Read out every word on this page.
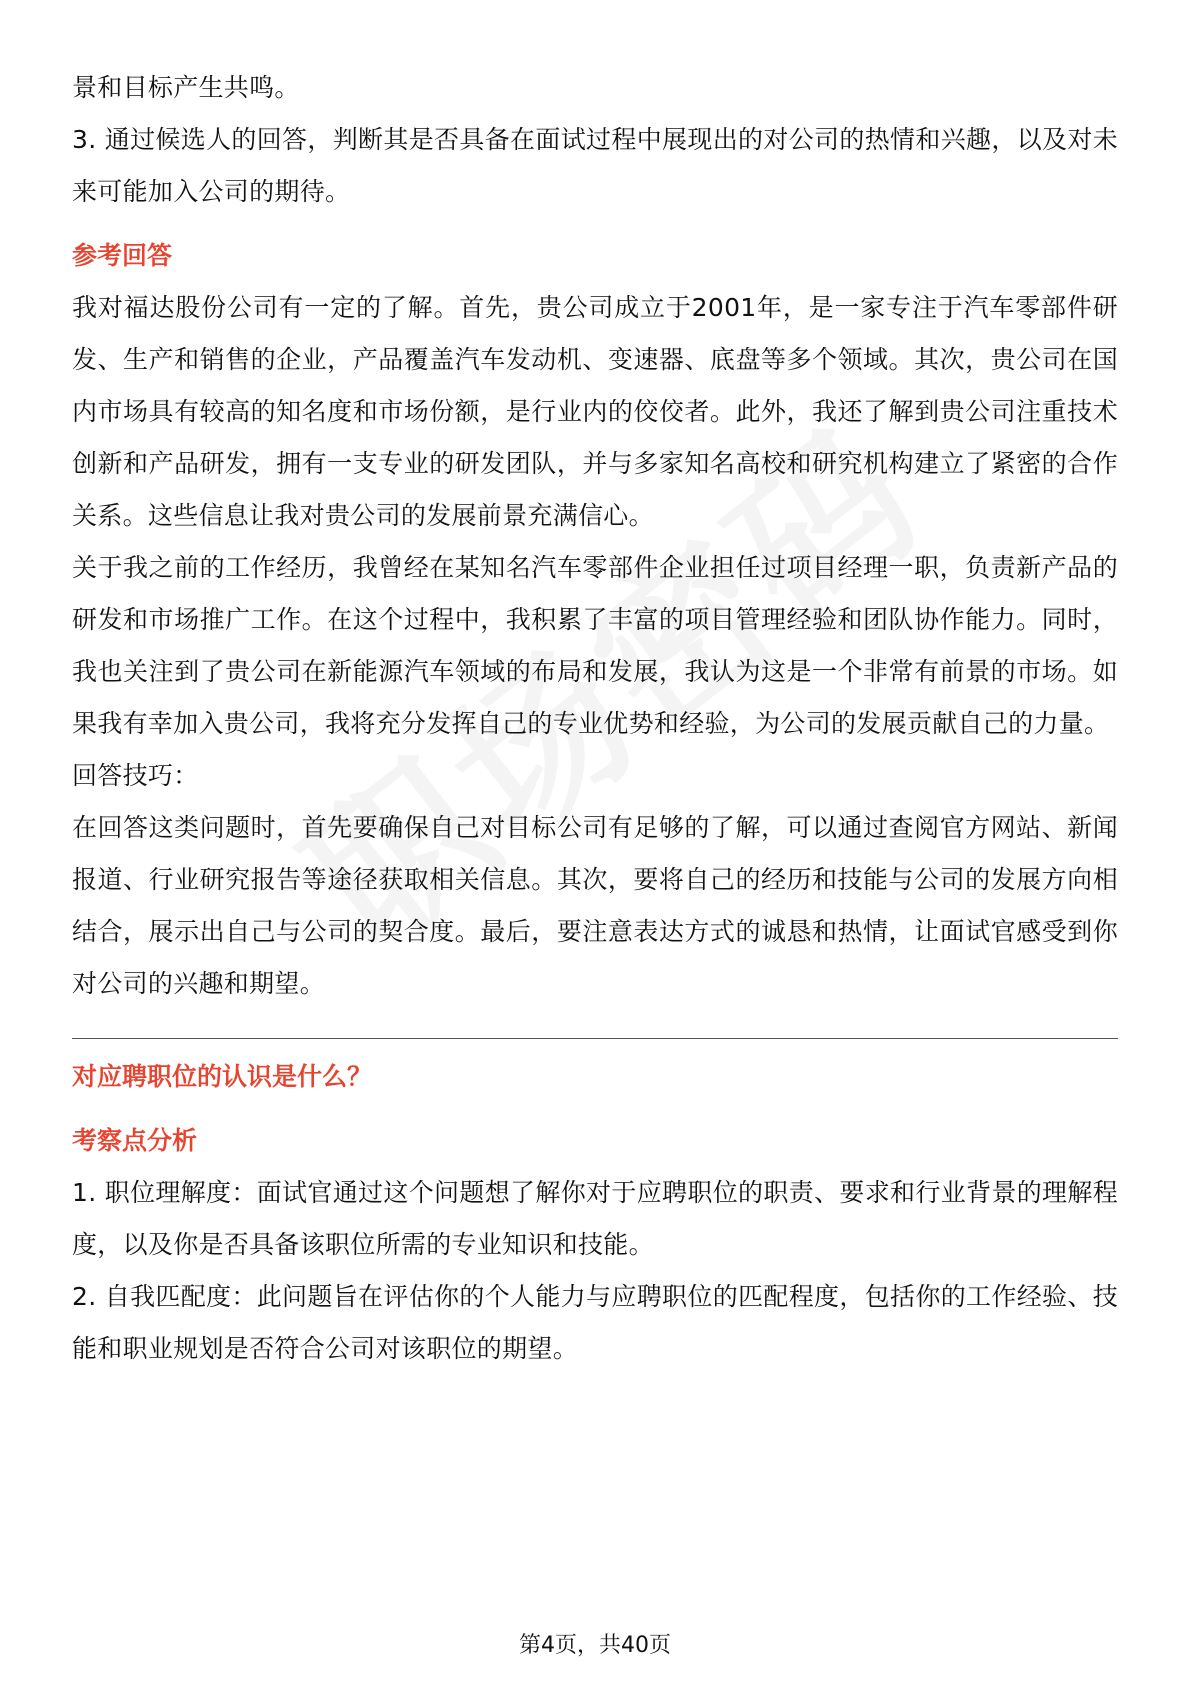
景和目标产生共鸣。

3. 通过候选人的回答，判断其是否具备在面试过程中展现出的对公司的热情和兴趣，以及对未来可能加入公司的期待。

参考回答

我对福达股份公司有一定的了解。首先，贵公司成立于2001年，是一家专注于汽车零部件研发、生产和销售的企业，产品覆盖汽车发动机、变速器、底盘等多个领域。其次，贵公司在国内市场具有较高的知名度和市场份额，是行业内的佼佼者。此外，我还了解到贵公司注重技术创新和产品研发，拥有一支专业的研发团队，并与多家知名高校和研究机构建立了紧密的合作关系。这些信息让我对贵公司的发展前景充满信心。

关于我之前的工作经历，我曾经在某知名汽车零部件企业担任过项目经理一职，负责新产品的研发和市场推广工作。在这个过程中，我积累了丰富的项目管理经验和团队协作能力。同时，我也关注到了贵公司在新能源汽车领域的布局和发展，我认为这是一个非常有前景的市场。如果我有幸加入贵公司，我将充分发挥自己的专业优势和经验，为公司的发展贡献自己的力量。

回答技巧：

在回答这类问题时，首先要确保自己对目标公司有足够的了解，可以通过查阅官方网站、新闻报道、行业研究报告等途径获取相关信息。其次，要将自己的经历和技能与公司的发展方向相结合，展示出自己与公司的契合度。最后，要注意表达方式的诚恳和热情，让面试官感受到你对公司的兴趣和期望。

对应聘职位的认识是什么？

考察点分析

1. 职位理解度：面试官通过这个问题想了解你对于应聘职位的职责、要求和行业背景的理解程度，以及你是否具备该职位所需的专业知识和技能。

2. 自我匹配度：此问题旨在评估你的个人能力与应聘职位的匹配程度，包括你的工作经验、技能和职业规划是否符合公司对该职位的期望。

第4页，共40页
